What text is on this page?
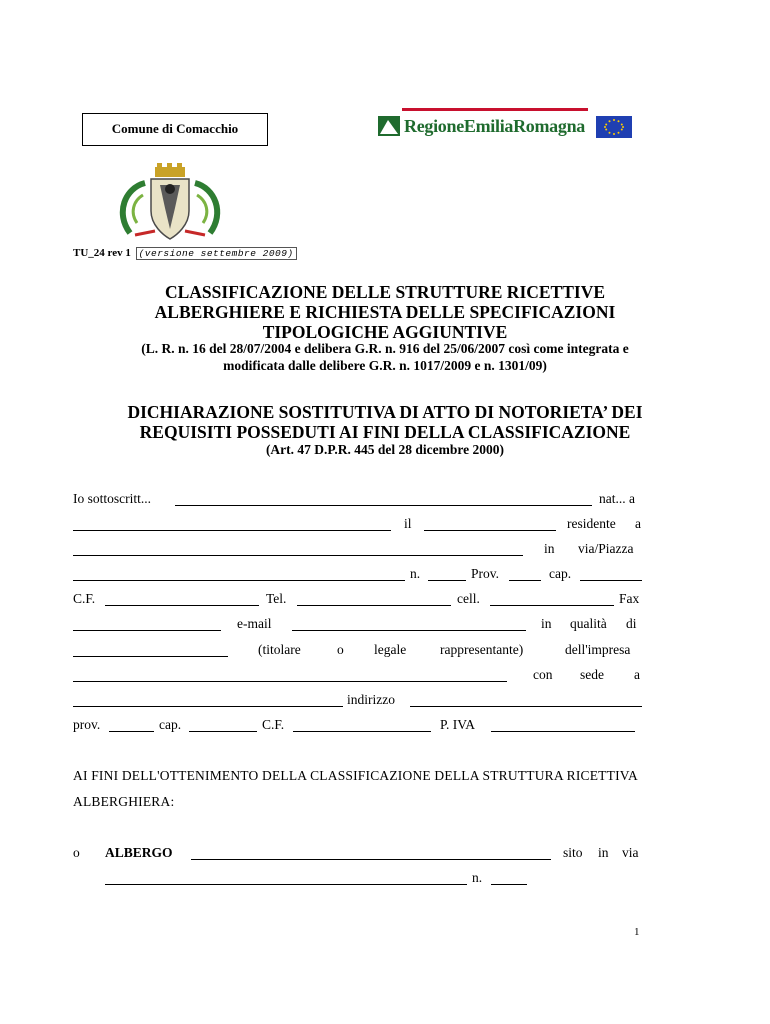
Comune di Comacchio	RegioneEmiliaRomagna
TU_24 rev 1 (versione settembre 2009)
CLASSIFICAZIONE DELLE STRUTTURE RICETTIVE
ALBERGHIERE E RICHIESTA DELLE SPECIFICAZIONI
TIPOLOGICHE AGGIUNTIVE
(L. R. n. 16 del 28/07/2004 e delibera G.R. n. 916 del 25/06/2007 così come integrata e
modificata dalle delibere G.R. n. 1017/2009 e n. 1301/09)
DICHIARAZIONE SOSTITUTIVA DI ATTO DI NOTORIETA’ DEI
REQUISITI POSSEDUTI AI FINI DELLA CLASSIFICAZIONE
(Art. 47 D.P.R. 445 del 28 dicembre 2000)
Io sottoscritt...	nat... a
il	residente a
in via/Piazza
n.	Prov.	cap.
C.F.	Tel.	cell.	Fax
e-mail	in qualità di
(titolare	o legale	rappresentante)	dell'impresa
con sede a
indirizzo
prov.	cap.	C.F.	P. IVA
AI FINI DELL'OTTENIMENTO DELLA CLASSIFICAZIONE DELLA STRUTTURA RICETTIVA ALBERGHIERA:
o ALBERGO	sito in via
n.
1
